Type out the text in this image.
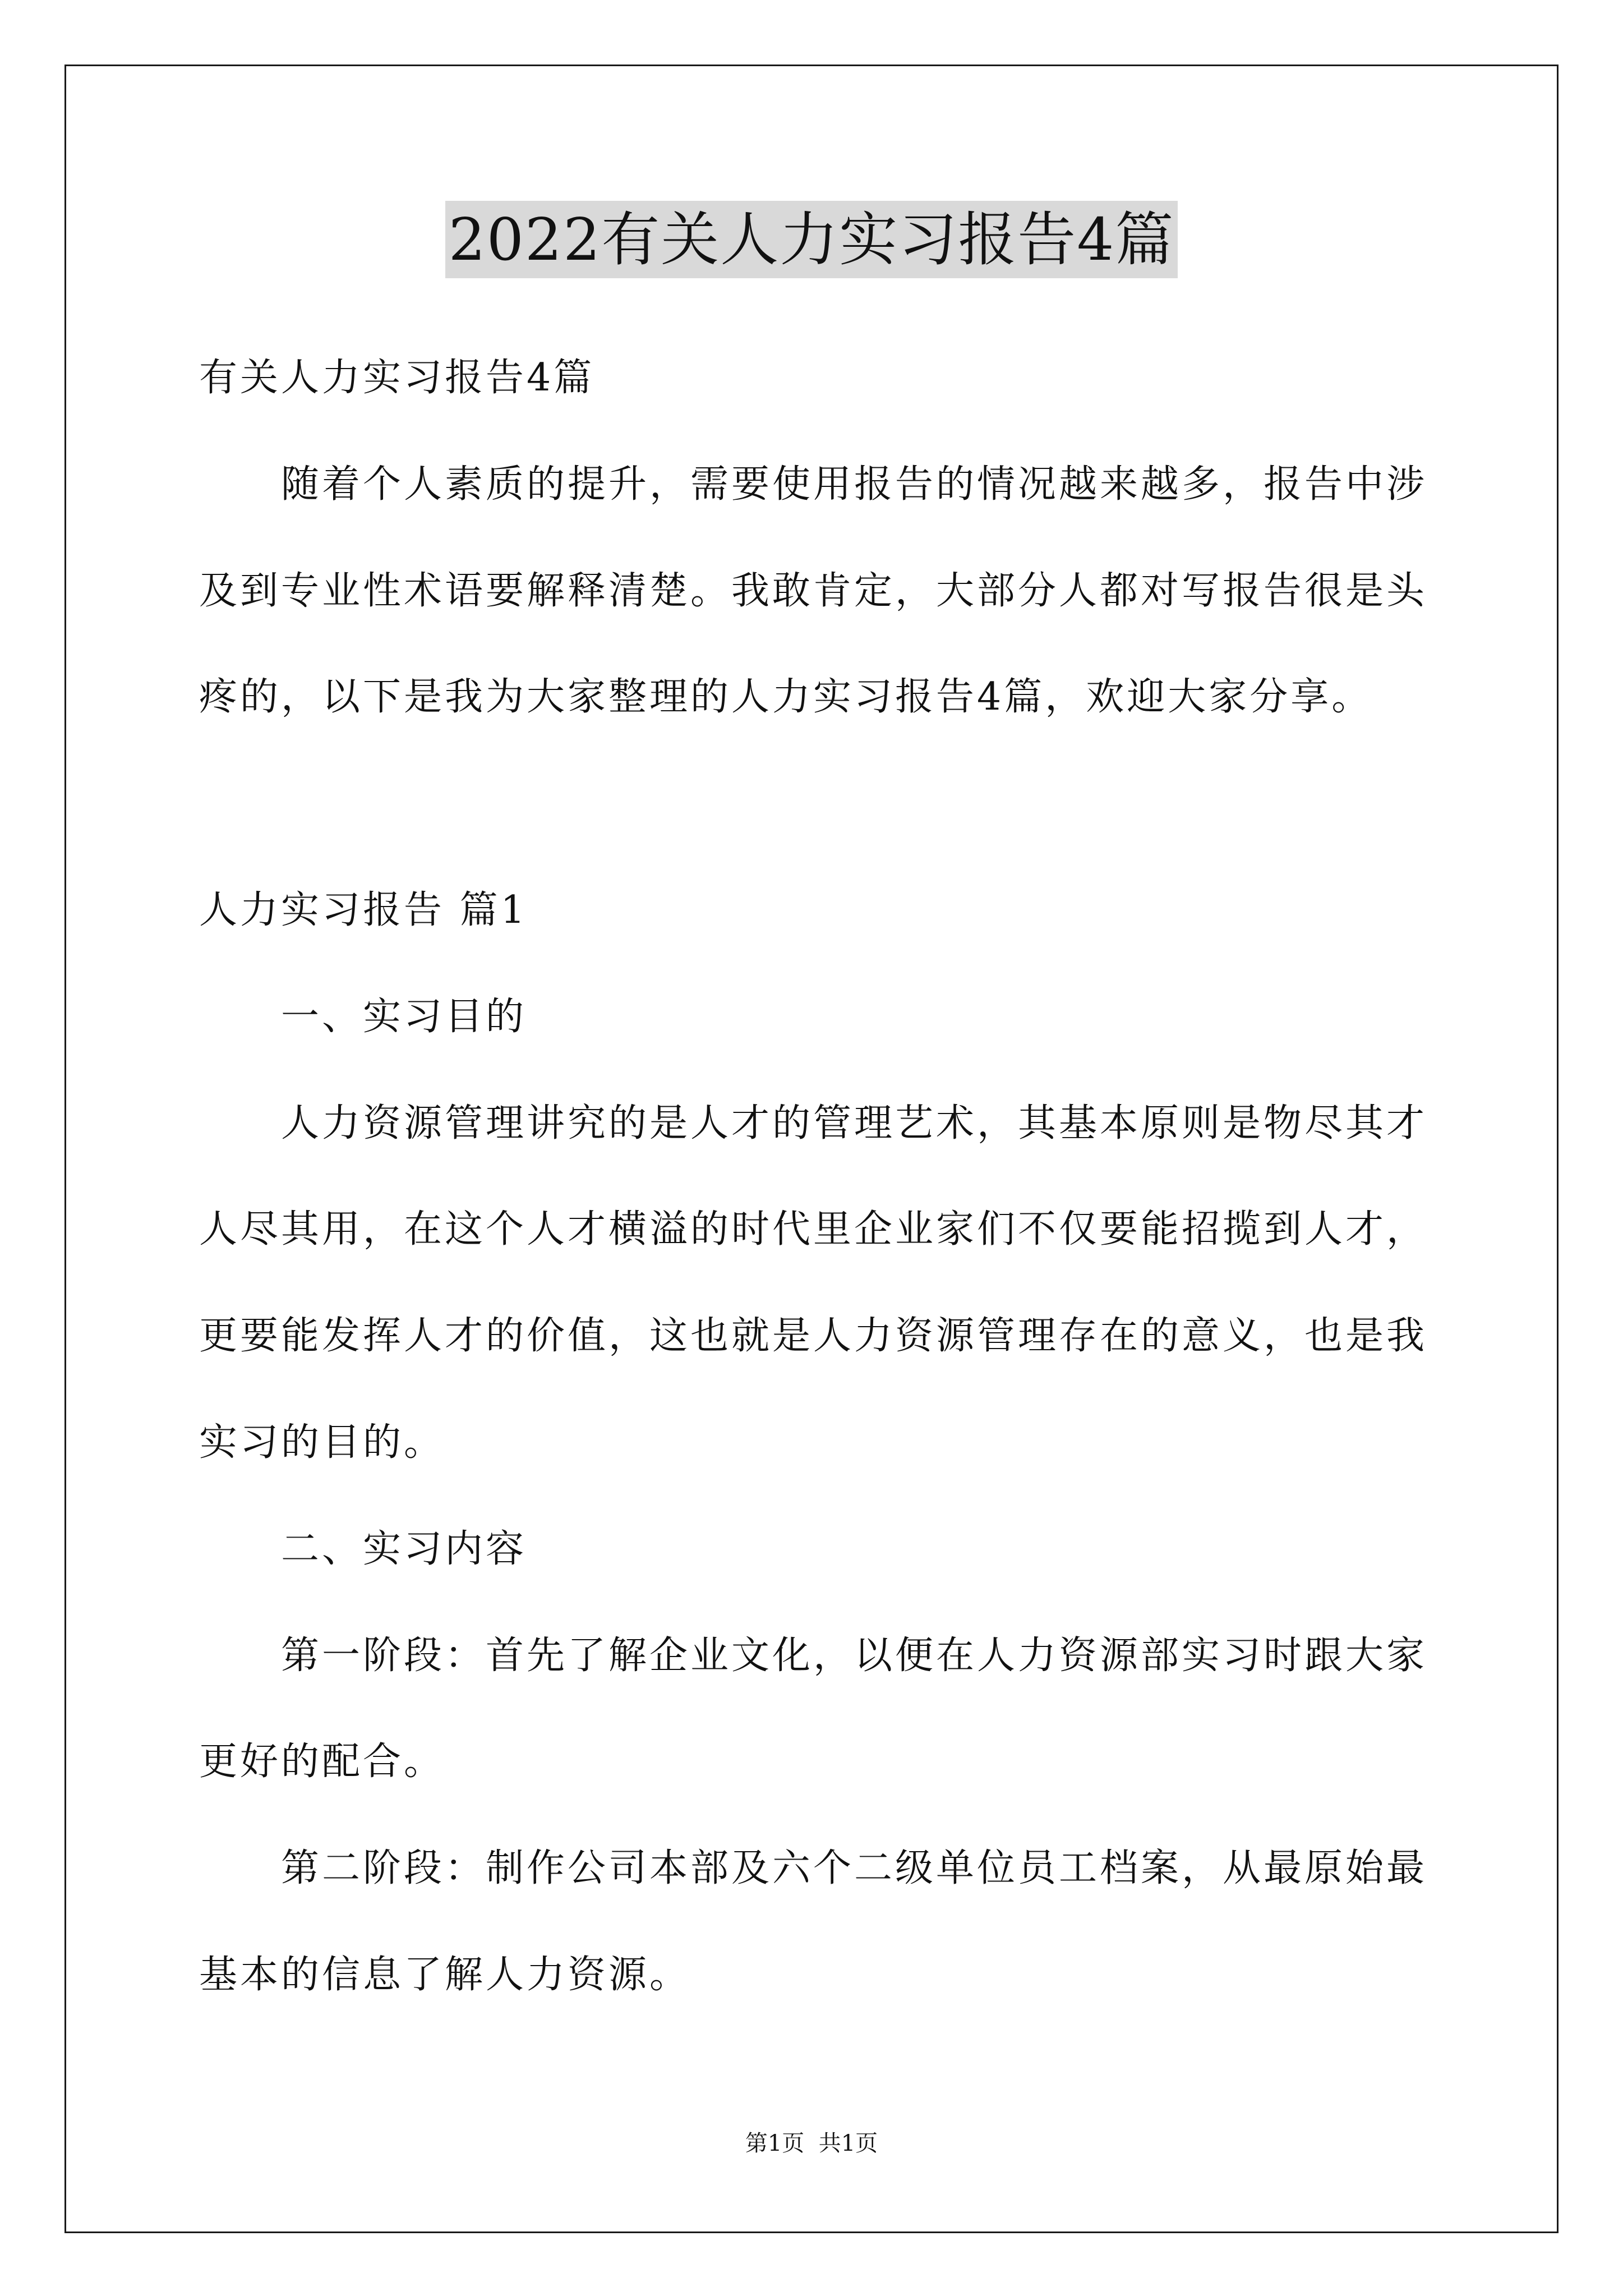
2022有关人力实习报告4篇
有关人力实习报告4篇
随着个人素质的提升，需要使用报告的情况越来越多，报告中涉
及到专业性术语要解释清楚。我敢肯定，大部分人都对写报告很是头
疼的，以下是我为大家整理的人力实习报告4篇，欢迎大家分享。
人力实习报告 篇1
一、实习目的
人力资源管理讲究的是人才的管理艺术，其基本原则是物尽其才
人尽其用，在这个人才横溢的时代里企业家们不仅要能招揽到人才，
更要能发挥人才的价值，这也就是人力资源管理存在的意义，也是我
实习的目的。
二、实习内容
第一阶段：首先了解企业文化，以便在人力资源部实习时跟大家
更好的配合。
第二阶段：制作公司本部及六个二级单位员工档案，从最原始最
基本的信息了解人力资源。
第1页  共1页
